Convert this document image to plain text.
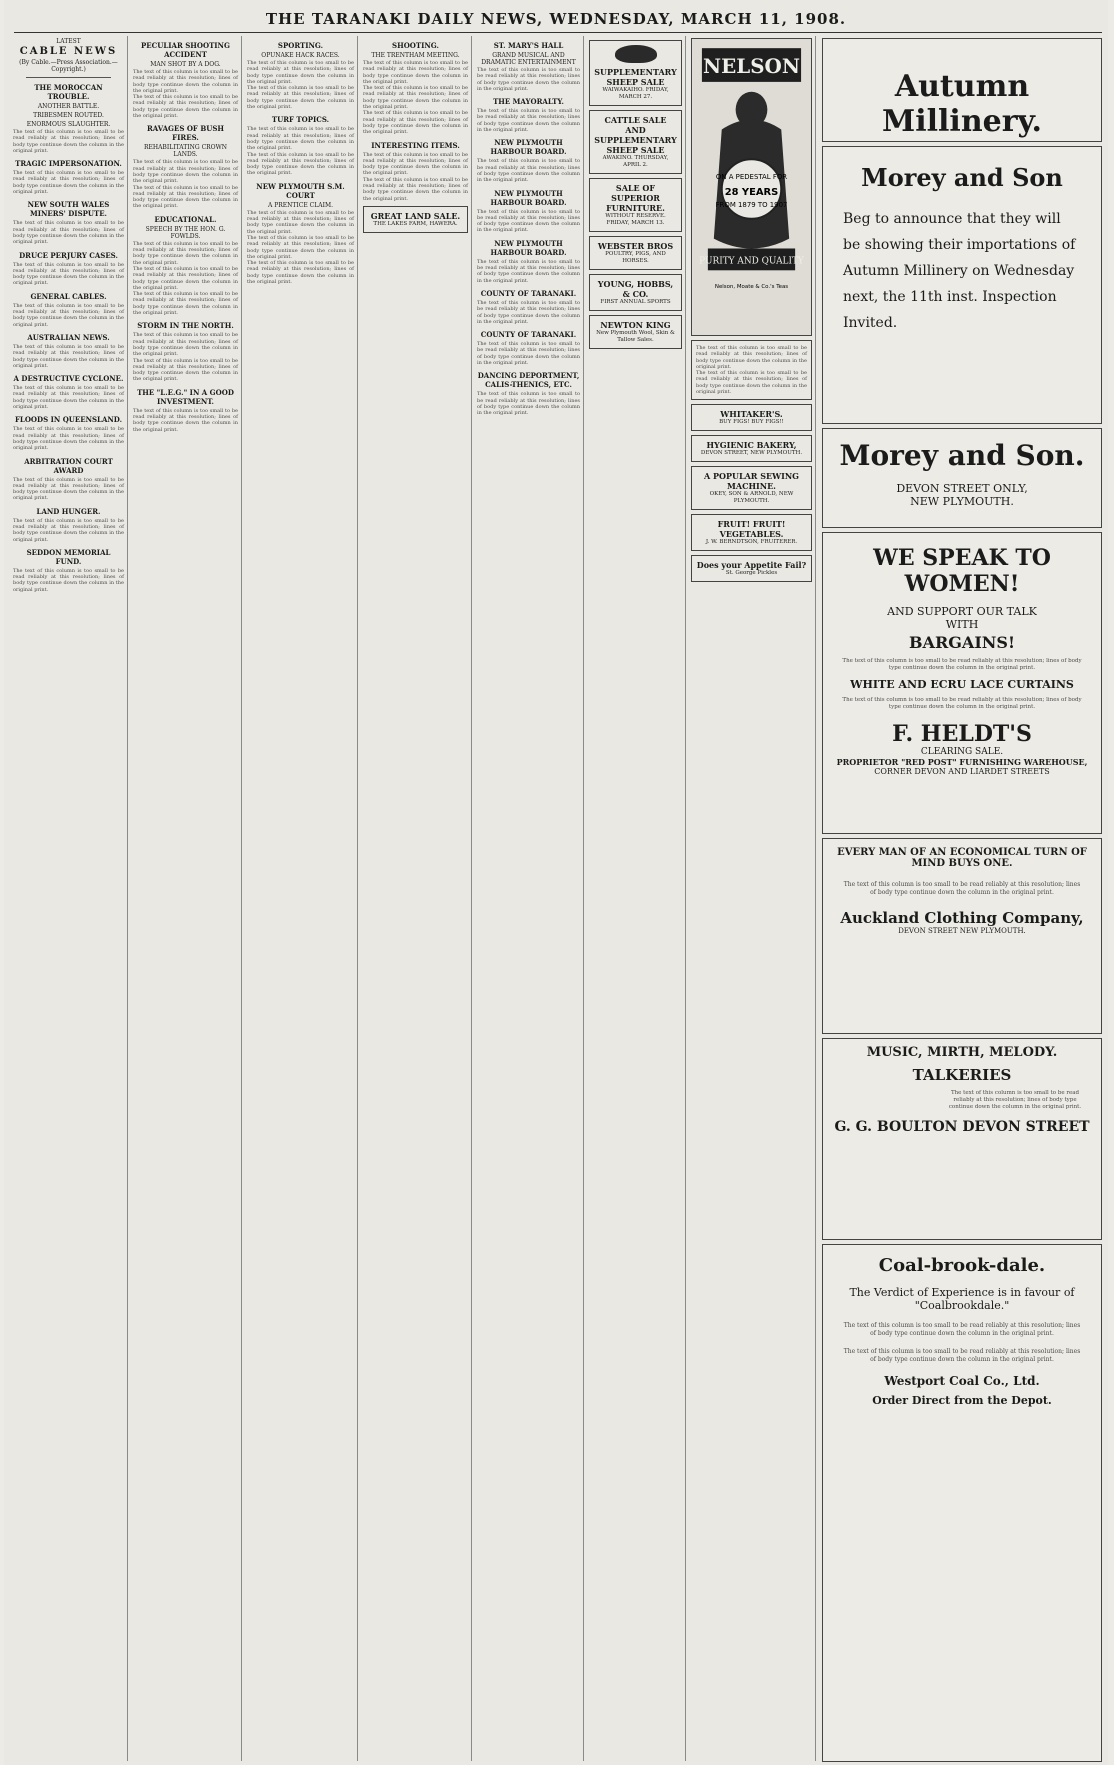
THE TARANAKI DAILY NEWS, WEDNESDAY, MARCH 11, 1908.
LATEST
CABLE NEWS
(By Cable.—Press Association.—Copyright.)
THE MOROCCAN TROUBLE.
ANOTHER BATTLE.
TRIBESMEN ROUTED.
ENORMOUS SLAUGHTER.

The text of this column is too small to be read reliably at this resolution; lines of body type continue down the column in the original print.

TRAGIC IMPERSONATION.

The text of this column is too small to be read reliably at this resolution; lines of body type continue down the column in the original print.

NEW SOUTH WALES MINERS' DISPUTE.

The text of this column is too small to be read reliably at this resolution; lines of body type continue down the column in the original print.

DRUCE PERJURY CASES.

The text of this column is too small to be read reliably at this resolution; lines of body type continue down the column in the original print.

GENERAL CABLES.

The text of this column is too small to be read reliably at this resolution; lines of body type continue down the column in the original print.

AUSTRALIAN NEWS.

The text of this column is too small to be read reliably at this resolution; lines of body type continue down the column in the original print.

A DESTRUCTIVE CYCLONE.

The text of this column is too small to be read reliably at this resolution; lines of body type continue down the column in the original print.

FLOODS IN QUEENSLAND.

The text of this column is too small to be read reliably at this resolution; lines of body type continue down the column in the original print.

ARBITRATION COURT AWARD

The text of this column is too small to be read reliably at this resolution; lines of body type continue down the column in the original print.

LAND HUNGER.

The text of this column is too small to be read reliably at this resolution; lines of body type continue down the column in the original print.

SEDDON MEMORIAL FUND.

The text of this column is too small to be read reliably at this resolution; lines of body type continue down the column in the original print.

PECULIAR SHOOTING ACCIDENT
MAN SHOT BY A DOG.

The text of this column is too small to be read reliably at this resolution; lines of body type continue down the column in the original print.

The text of this column is too small to be read reliably at this resolution; lines of body type continue down the column in the original print.

RAVAGES OF BUSH FIRES.
REHABILITATING CROWN LANDS.

The text of this column is too small to be read reliably at this resolution; lines of body type continue down the column in the original print.

The text of this column is too small to be read reliably at this resolution; lines of body type continue down the column in the original print.

EDUCATIONAL.
SPEECH BY THE HON. G. FOWLDS.

The text of this column is too small to be read reliably at this resolution; lines of body type continue down the column in the original print.

The text of this column is too small to be read reliably at this resolution; lines of body type continue down the column in the original print.

The text of this column is too small to be read reliably at this resolution; lines of body type continue down the column in the original print.

STORM IN THE NORTH.

The text of this column is too small to be read reliably at this resolution; lines of body type continue down the column in the original print.

The text of this column is too small to be read reliably at this resolution; lines of body type continue down the column in the original print.

THE "L.E.G." IN A GOOD INVESTMENT.

The text of this column is too small to be read reliably at this resolution; lines of body type continue down the column in the original print.

SPORTING.
OPUNAKE HACK RACES.

The text of this column is too small to be read reliably at this resolution; lines of body type continue down the column in the original print.

The text of this column is too small to be read reliably at this resolution; lines of body type continue down the column in the original print.

TURF TOPICS.

The text of this column is too small to be read reliably at this resolution; lines of body type continue down the column in the original print.

The text of this column is too small to be read reliably at this resolution; lines of body type continue down the column in the original print.

NEW PLYMOUTH S.M. COURT
A PRENTICE CLAIM.

The text of this column is too small to be read reliably at this resolution; lines of body type continue down the column in the original print.

The text of this column is too small to be read reliably at this resolution; lines of body type continue down the column in the original print.

The text of this column is too small to be read reliably at this resolution; lines of body type continue down the column in the original print.

SHOOTING.
THE TRENTHAM MEETING.

The text of this column is too small to be read reliably at this resolution; lines of body type continue down the column in the original print.

The text of this column is too small to be read reliably at this resolution; lines of body type continue down the column in the original print.

The text of this column is too small to be read reliably at this resolution; lines of body type continue down the column in the original print.

INTERESTING ITEMS.

The text of this column is too small to be read reliably at this resolution; lines of body type continue down the column in the original print.

The text of this column is too small to be read reliably at this resolution; lines of body type continue down the column in the original print.

GREAT LAND SALE.
THE LAKES FARM, HAWERA.
ST. MARY'S HALL
GRAND MUSICAL AND DRAMATIC ENTERTAINMENT

The text of this column is too small to be read reliably at this resolution; lines of body type continue down the column in the original print.

THE MAYORALTY.

The text of this column is too small to be read reliably at this resolution; lines of body type continue down the column in the original print.

NEW PLYMOUTH HARBOUR BOARD.

The text of this column is too small to be read reliably at this resolution; lines of body type continue down the column in the original print.

NEW PLYMOUTH HARBOUR BOARD.

The text of this column is too small to be read reliably at this resolution; lines of body type continue down the column in the original print.

NEW PLYMOUTH HARBOUR BOARD.

The text of this column is too small to be read reliably at this resolution; lines of body type continue down the column in the original print.

COUNTY OF TARANAKI.

The text of this column is too small to be read reliably at this resolution; lines of body type continue down the column in the original print.

COUNTY OF TARANAKI.

The text of this column is too small to be read reliably at this resolution; lines of body type continue down the column in the original print.

DANCING DEPORTMENT, CALIS-THENICS, ETC.

The text of this column is too small to be read reliably at this resolution; lines of body type continue down the column in the original print.

SUPPLEMENTARY SHEEP SALE
WAIWAKAIHO. FRIDAY, MARCH 27.
CATTLE SALE AND SUPPLEMENTARY SHEEP SALE
AWAKINO. THURSDAY, APRIL 2.
SALE OF SUPERIOR FURNITURE.
WITHOUT RESERVE. FRIDAY, MARCH 13.
WEBSTER BROS
POULTRY, PIGS, AND HORSES.
YOUNG, HOBBS, & CO.
FIRST ANNUAL SPORTS
NEWTON KING
New Plymouth Wool, Skin & Tallow Sales.
NELSON
ON A PEDESTAL FOR
28 YEARS
FROM 1879 TO 1907
PURITY AND QUALITY
Nelson, Moate & Co.'s Teas

The text of this column is too small to be read reliably at this resolution; lines of body type continue down the column in the original print.

The text of this column is too small to be read reliably at this resolution; lines of body type continue down the column in the original print.

WHITAKER'S.
BUY FIGS! BUY FIGS!!
HYGIENIC BAKERY,
DEVON STREET, NEW PLYMOUTH.
A POPULAR SEWING MACHINE.
OKEY, SON & ARNOLD, NEW PLYMOUTH.
FRUIT! FRUIT! VEGETABLES.
J. W. BERNDTSON, FRUITERER.
Does your Appetite Fail?
St. George Pickles
Autumn Millinery.
Morey and Son
Beg to announce that they will be showing their importations of Autumn Millinery on Wednesday next, the 11th inst. Inspection Invited.
Morey and Son.
DEVON STREET ONLY,
NEW PLYMOUTH.
WE SPEAK TO WOMEN!
AND SUPPORT OUR TALK
WITH
BARGAINS!

The text of this column is too small to be read reliably at this resolution; lines of body type continue down the column in the original print.

WHITE AND ECRU LACE CURTAINS

The text of this column is too small to be read reliably at this resolution; lines of body type continue down the column in the original print.

F. HELDT'S
CLEARING SALE.
PROPRIETOR "RED POST" FURNISHING WAREHOUSE,
CORNER DEVON AND LIARDET STREETS
EVERY MAN OF AN ECONOMICAL TURN OF MIND BUYS ONE.

The text of this column is too small to be read reliably at this resolution; lines of body type continue down the column in the original print.

Auckland Clothing Company,
DEVON STREET NEW PLYMOUTH.
MUSIC, MIRTH, MELODY.
TALKERIES

The text of this column is too small to be read reliably at this resolution; lines of body type continue down the column in the original print.

G. G. BOULTON DEVON STREET
Coal-brook-dale.
The Verdict of Experience is in favour of "Coalbrookdale."

The text of this column is too small to be read reliably at this resolution; lines of body type continue down the column in the original print.

The text of this column is too small to be read reliably at this resolution; lines of body type continue down the column in the original print.

Westport Coal Co., Ltd.
Order Direct from the Depot.
